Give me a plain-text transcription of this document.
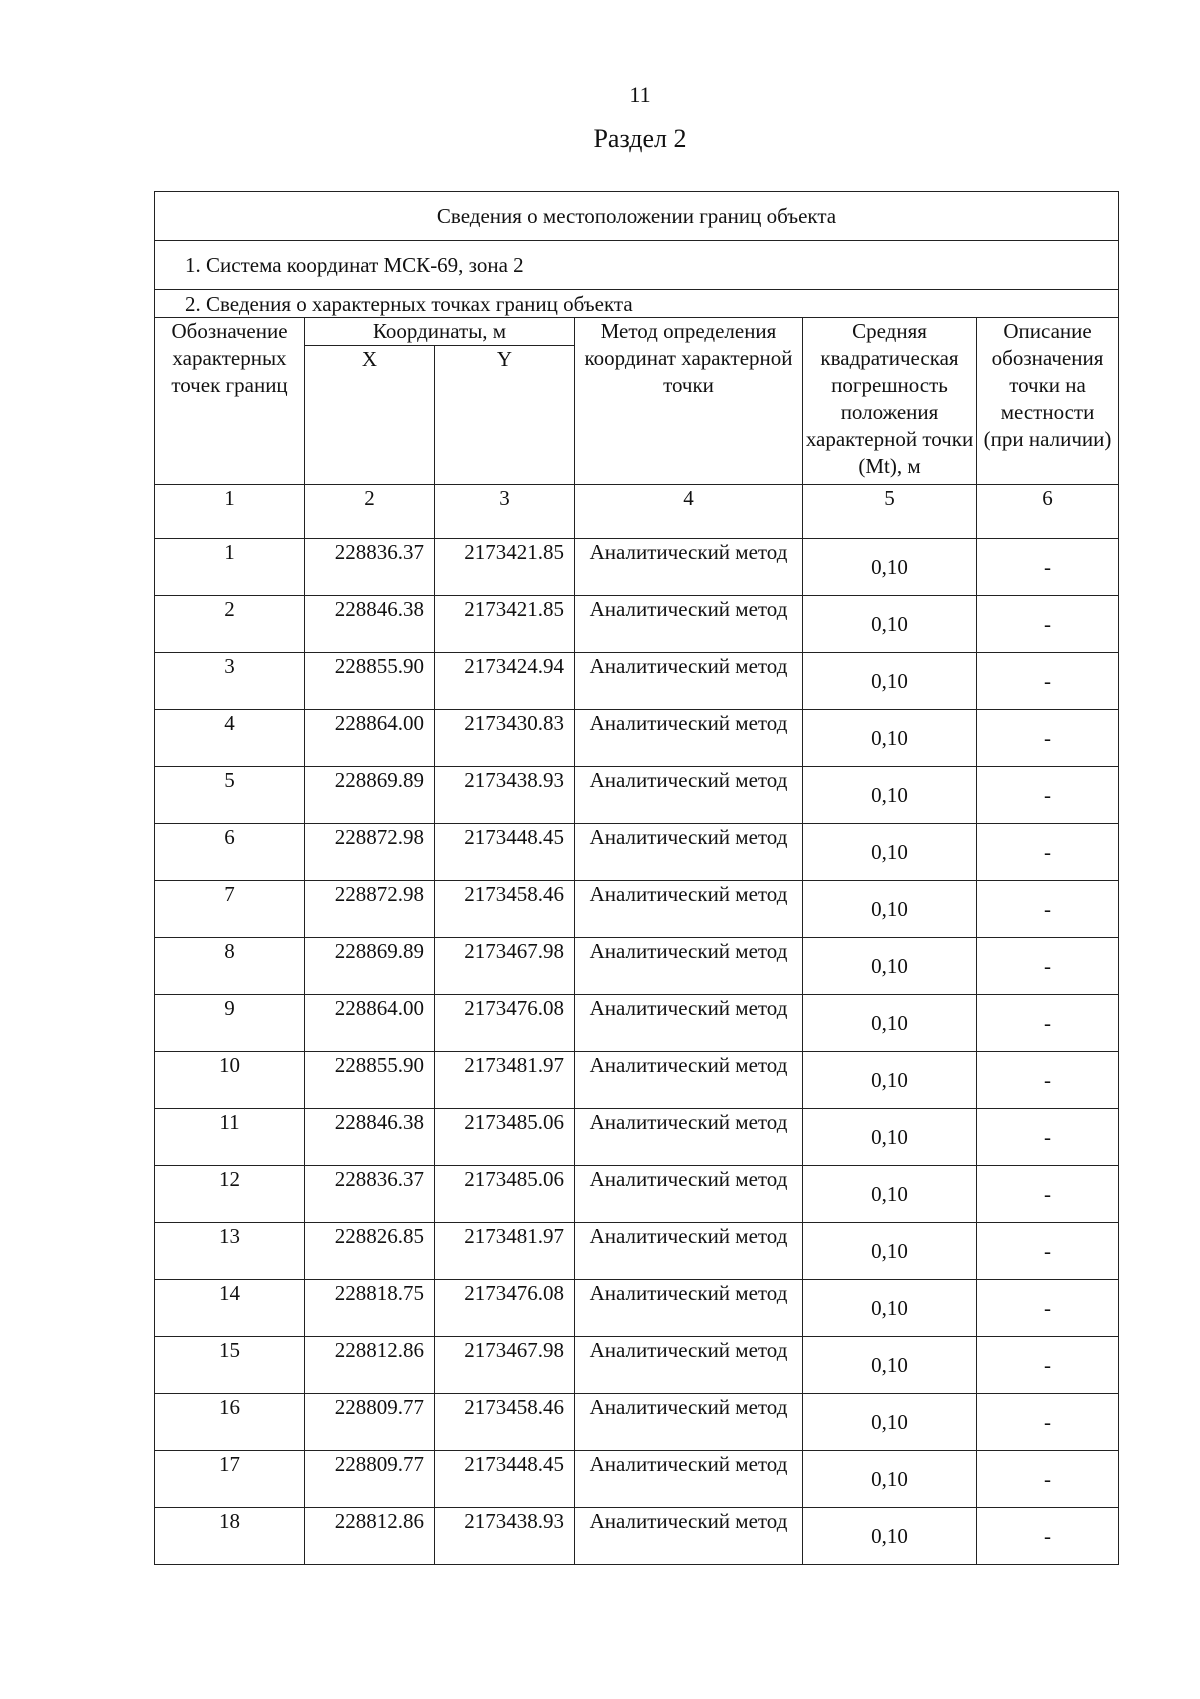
11
Раздел 2
Сведения о местоположении границ объекта					
1. Система координат МСК-69, зона 2					
2. Сведения о характерных точках границ объекта					
Обозначение характерных точек границ	Координаты, м		Метод определения координат характерной точки	Средняя квадратическая погрешность положения характерной точки (Mt), м	Описание обозначения точки на местности (при наличии)
	X	Y			
1	2	3	4	5	6
1	228836.37	2173421.85	Аналитический метод	0,10	-
2	228846.38	2173421.85	Аналитический метод	0,10	-
3	228855.90	2173424.94	Аналитический метод	0,10	-
4	228864.00	2173430.83	Аналитический метод	0,10	-
5	228869.89	2173438.93	Аналитический метод	0,10	-
6	228872.98	2173448.45	Аналитический метод	0,10	-
7	228872.98	2173458.46	Аналитический метод	0,10	-
8	228869.89	2173467.98	Аналитический метод	0,10	-
9	228864.00	2173476.08	Аналитический метод	0,10	-
10	228855.90	2173481.97	Аналитический метод	0,10	-
11	228846.38	2173485.06	Аналитический метод	0,10	-
12	228836.37	2173485.06	Аналитический метод	0,10	-
13	228826.85	2173481.97	Аналитический метод	0,10	-
14	228818.75	2173476.08	Аналитический метод	0,10	-
15	228812.86	2173467.98	Аналитический метод	0,10	-
16	228809.77	2173458.46	Аналитический метод	0,10	-
17	228809.77	2173448.45	Аналитический метод	0,10	-
18	228812.86	2173438.93	Аналитический метод	0,10	-
